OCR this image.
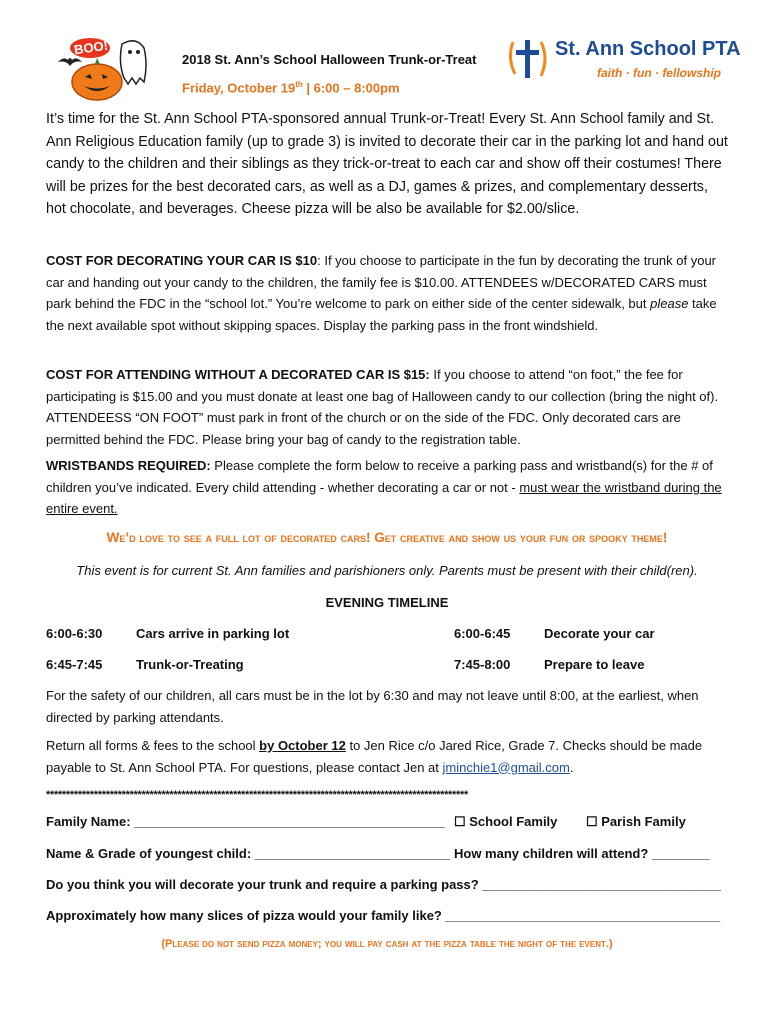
BOO!
2018 St. Ann’s School Halloween Trunk-or-Treat
Friday, October 19th | 6:00 – 8:00pm
St. Ann School PTA
faith · fun · fellowship
It’s time for the St. Ann School PTA-sponsored annual Trunk-or-Treat! Every St. Ann School family and St. Ann Religious Education family (up to grade 3) is invited to decorate their car in the parking lot and hand out candy to the children and their siblings as they trick-or-treat to each car and show off their costumes! There will be prizes for the best decorated cars, as well as a DJ, games & prizes, and complementary desserts, hot chocolate, and beverages. Cheese pizza will be also be available for $2.00/slice.
COST FOR DECORATING YOUR CAR IS $10: If you choose to participate in the fun by decorating the trunk of your car and handing out your candy to the children, the family fee is $10.00. ATTENDEES w/DECORATED CARS must park behind the FDC in the “school lot.” You’re welcome to park on either side of the center sidewalk, but please take the next available spot without skipping spaces. Display the parking pass in the front windshield.
COST FOR ATTENDING WITHOUT A DECORATED CAR IS $15: If you choose to attend “on foot,” the fee for participating is $15.00 and you must donate at least one bag of Halloween candy to our collection (bring the night of). ATTENDEESS “ON FOOT” must park in front of the church or on the side of the FDC. Only decorated cars are permitted behind the FDC. Please bring your bag of candy to the registration table.
WRISTBANDS REQUIRED: Please complete the form below to receive a parking pass and wristband(s) for the # of children you’ve indicated. Every child attending - whether decorating a car or not - must wear the wristband during the entire event.
We’d love to see a full lot of decorated cars! Get creative and show us your fun or spooky theme!
This event is for current St. Ann families and parishioners only. Parents must be present with their child(ren).
EVENING TIMELINE
6:00-6:30	Cars arrive in parking lot	6:00-6:45	Decorate your car
6:45-7:45	Trunk-or-Treating	7:45-8:00	Prepare to leave
For the safety of our children, all cars must be in the lot by 6:30 and may not leave until 8:00, at the earliest, when directed by parking attendants.
Return all forms & fees to the school by October 12 to Jen Rice c/o Jared Rice, Grade 7. Checks should be made payable to St. Ann School PTA. For questions, please contact Jen at jminchie1@gmail.com.
**********************************************************************************************************
Family Name: ___________________________________________ ☐ School Family ☐ Parish Family
Name & Grade of youngest child: ___________________________ How many children will attend? ________
Do you think you will decorate your trunk and require a parking pass? _________________________________
Approximately how many slices of pizza would your family like? ______________________________________
(Please do not send pizza money; you will pay cash at the pizza table the night of the event.)
